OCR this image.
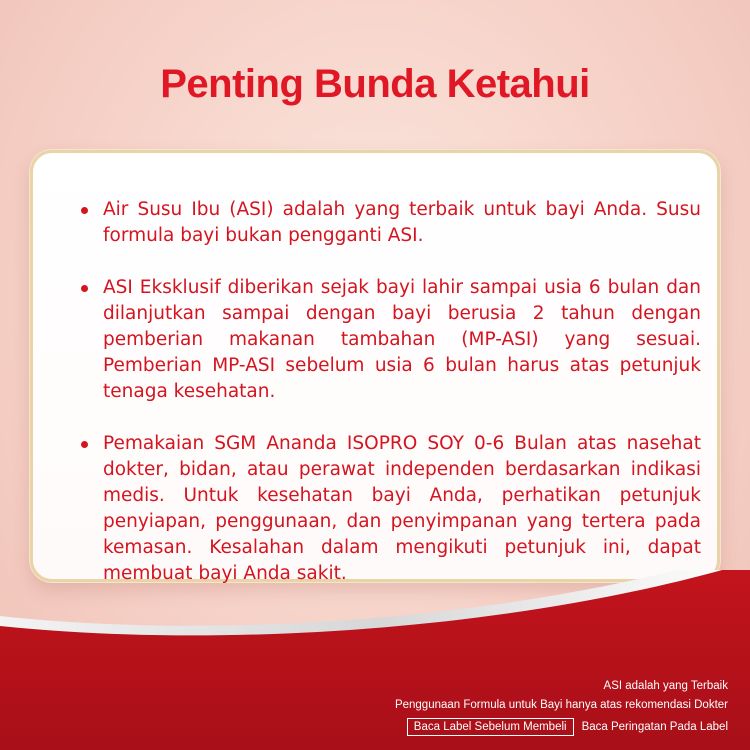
Penting Bunda Ketahui
Air Susu Ibu (ASI) adalah yang terbaik untuk bayi Anda. Susu formula bayi bukan pengganti ASI.
ASI Eksklusif diberikan sejak bayi lahir sampai usia 6 bulan dan dilanjutkan sampai dengan bayi berusia 2 tahun dengan pemberian makanan tambahan (MP-ASI) yang sesuai. Pemberian MP-ASI sebelum usia 6 bulan harus atas petunjuk tenaga kesehatan.
Pemakaian SGM Ananda ISOPRO SOY 0-6 Bulan atas nasehat dokter, bidan, atau perawat independen berdasarkan indikasi medis. Untuk kesehatan bayi Anda, perhatikan petunjuk penyiapan, penggunaan, dan penyimpanan yang tertera pada kemasan. Kesalahan dalam mengikuti petunjuk ini, dapat membuat bayi Anda sakit.
ASI adalah yang Terbaik
Penggunaan Formula untuk Bayi hanya atas rekomendasi Dokter
Baca Label Sebelum Membeli	Baca Peringatan Pada Label
